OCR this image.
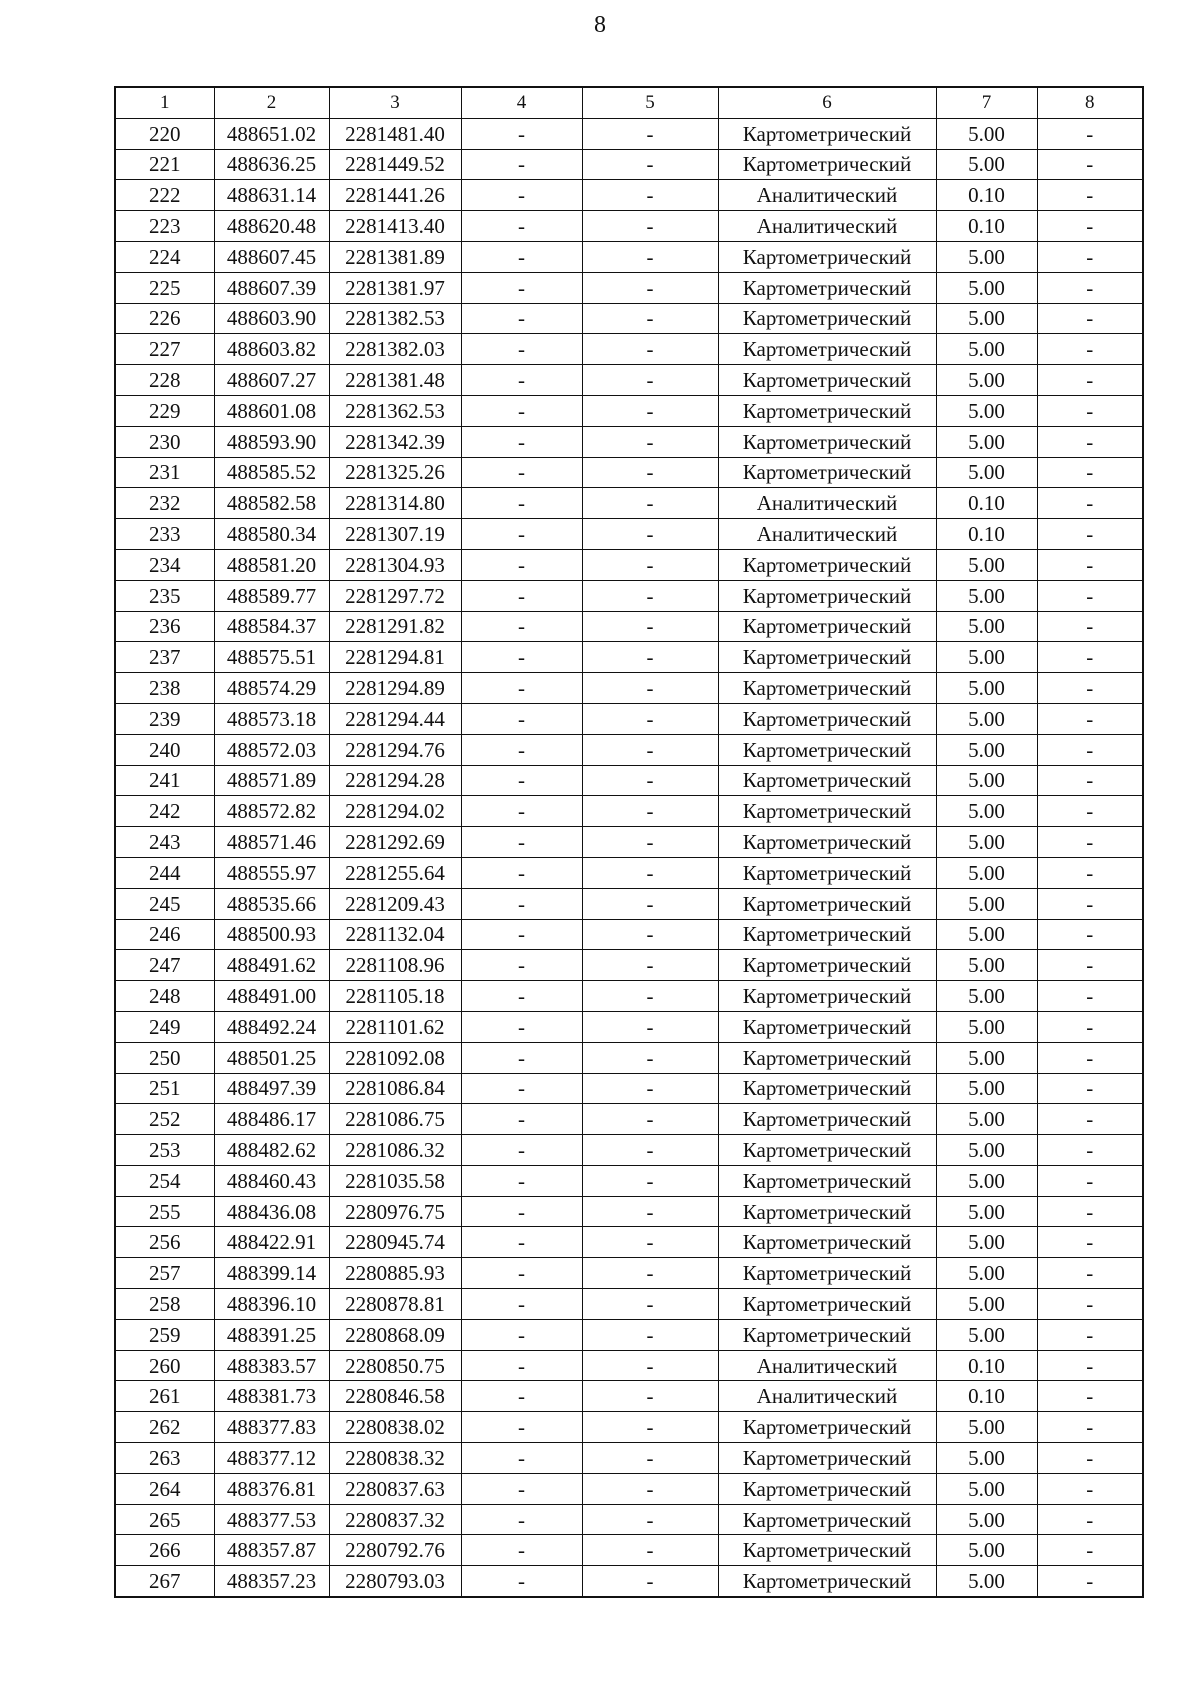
8
1	2	3	4	5	6	7	8
220	488651.02	2281481.40	-	-	Картометрический	5.00	-
221	488636.25	2281449.52	-	-	Картометрический	5.00	-
222	488631.14	2281441.26	-	-	Аналитический	0.10	-
223	488620.48	2281413.40	-	-	Аналитический	0.10	-
224	488607.45	2281381.89	-	-	Картометрический	5.00	-
225	488607.39	2281381.97	-	-	Картометрический	5.00	-
226	488603.90	2281382.53	-	-	Картометрический	5.00	-
227	488603.82	2281382.03	-	-	Картометрический	5.00	-
228	488607.27	2281381.48	-	-	Картометрический	5.00	-
229	488601.08	2281362.53	-	-	Картометрический	5.00	-
230	488593.90	2281342.39	-	-	Картометрический	5.00	-
231	488585.52	2281325.26	-	-	Картометрический	5.00	-
232	488582.58	2281314.80	-	-	Аналитический	0.10	-
233	488580.34	2281307.19	-	-	Аналитический	0.10	-
234	488581.20	2281304.93	-	-	Картометрический	5.00	-
235	488589.77	2281297.72	-	-	Картометрический	5.00	-
236	488584.37	2281291.82	-	-	Картометрический	5.00	-
237	488575.51	2281294.81	-	-	Картометрический	5.00	-
238	488574.29	2281294.89	-	-	Картометрический	5.00	-
239	488573.18	2281294.44	-	-	Картометрический	5.00	-
240	488572.03	2281294.76	-	-	Картометрический	5.00	-
241	488571.89	2281294.28	-	-	Картометрический	5.00	-
242	488572.82	2281294.02	-	-	Картометрический	5.00	-
243	488571.46	2281292.69	-	-	Картометрический	5.00	-
244	488555.97	2281255.64	-	-	Картометрический	5.00	-
245	488535.66	2281209.43	-	-	Картометрический	5.00	-
246	488500.93	2281132.04	-	-	Картометрический	5.00	-
247	488491.62	2281108.96	-	-	Картометрический	5.00	-
248	488491.00	2281105.18	-	-	Картометрический	5.00	-
249	488492.24	2281101.62	-	-	Картометрический	5.00	-
250	488501.25	2281092.08	-	-	Картометрический	5.00	-
251	488497.39	2281086.84	-	-	Картометрический	5.00	-
252	488486.17	2281086.75	-	-	Картометрический	5.00	-
253	488482.62	2281086.32	-	-	Картометрический	5.00	-
254	488460.43	2281035.58	-	-	Картометрический	5.00	-
255	488436.08	2280976.75	-	-	Картометрический	5.00	-
256	488422.91	2280945.74	-	-	Картометрический	5.00	-
257	488399.14	2280885.93	-	-	Картометрический	5.00	-
258	488396.10	2280878.81	-	-	Картометрический	5.00	-
259	488391.25	2280868.09	-	-	Картометрический	5.00	-
260	488383.57	2280850.75	-	-	Аналитический	0.10	-
261	488381.73	2280846.58	-	-	Аналитический	0.10	-
262	488377.83	2280838.02	-	-	Картометрический	5.00	-
263	488377.12	2280838.32	-	-	Картометрический	5.00	-
264	488376.81	2280837.63	-	-	Картометрический	5.00	-
265	488377.53	2280837.32	-	-	Картометрический	5.00	-
266	488357.87	2280792.76	-	-	Картометрический	5.00	-
267	488357.23	2280793.03	-	-	Картометрический	5.00	-
